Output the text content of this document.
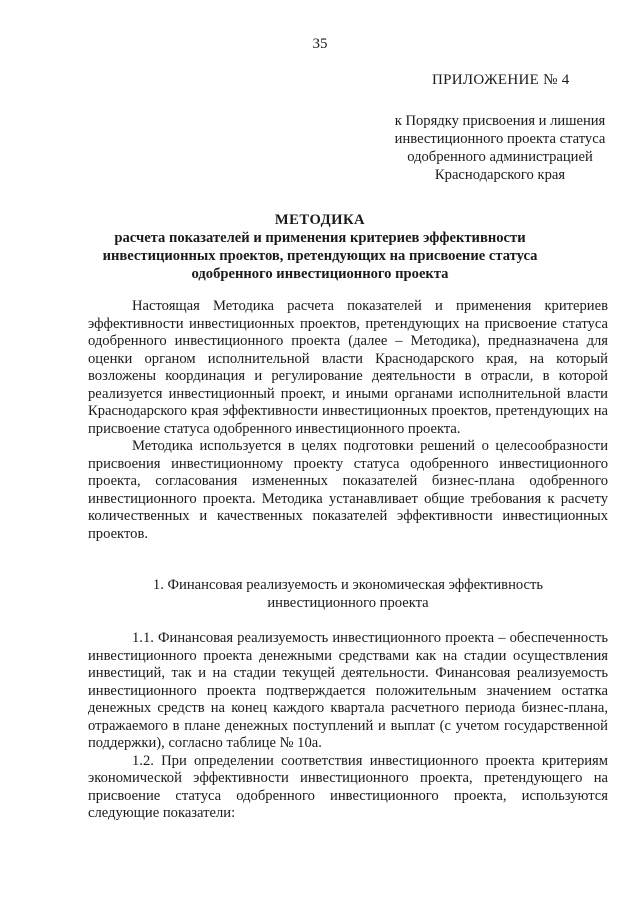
35
ПРИЛОЖЕНИЕ № 4
к Порядку присвоения и лишения
инвестиционного проекта статуса
одобренного администрацией
Краснодарского края
МЕТОДИКА
расчета показателей и применения критериев эффективности
инвестиционных проектов, претендующих на присвоение статуса
одобренного инвестиционного проекта

Настоящая Методика расчета показателей и применения критериев эффективности инвестиционных проектов, претендующих на присвоение статуса одобренного инвестиционного проекта (далее – Методика), предназначена для оценки органом исполнительной власти Краснодарского края, на который возложены координация и регулирование деятельности в отрасли, в которой реализуется инвестиционный проект, и иными органами исполнительной власти Краснодарского края эффективности инвестиционных проектов, претендующих на присвоение статуса одобренного инвестиционного проекта.

Методика используется в целях подготовки решений о целесообразности присвоения инвестиционному проекту статуса одобренного инвестиционного проекта, согласования измененных показателей бизнес-плана одобренного инвестиционного проекта. Методика устанавливает общие требования к расчету количественных и качественных показателей эффективности инвестиционных проектов.

1. Финансовая реализуемость и экономическая эффективность
инвестиционного проекта

1.1. Финансовая реализуемость инвестиционного проекта – обеспеченность инвестиционного проекта денежными средствами как на стадии осуществления инвестиций, так и на стадии текущей деятельности. Финансовая реализуемость инвестиционного проекта подтверждается положительным значением остатка денежных средств на конец каждого квартала расчетного периода бизнес-плана, отражаемого в плане денежных поступлений и выплат (с учетом государственной поддержки), согласно таблице № 10а.

1.2. При определении соответствия инвестиционного проекта критериям экономической эффективности инвестиционного проекта, претендующего на присвоение статуса одобренного инвестиционного проекта, используются следующие показатели:
